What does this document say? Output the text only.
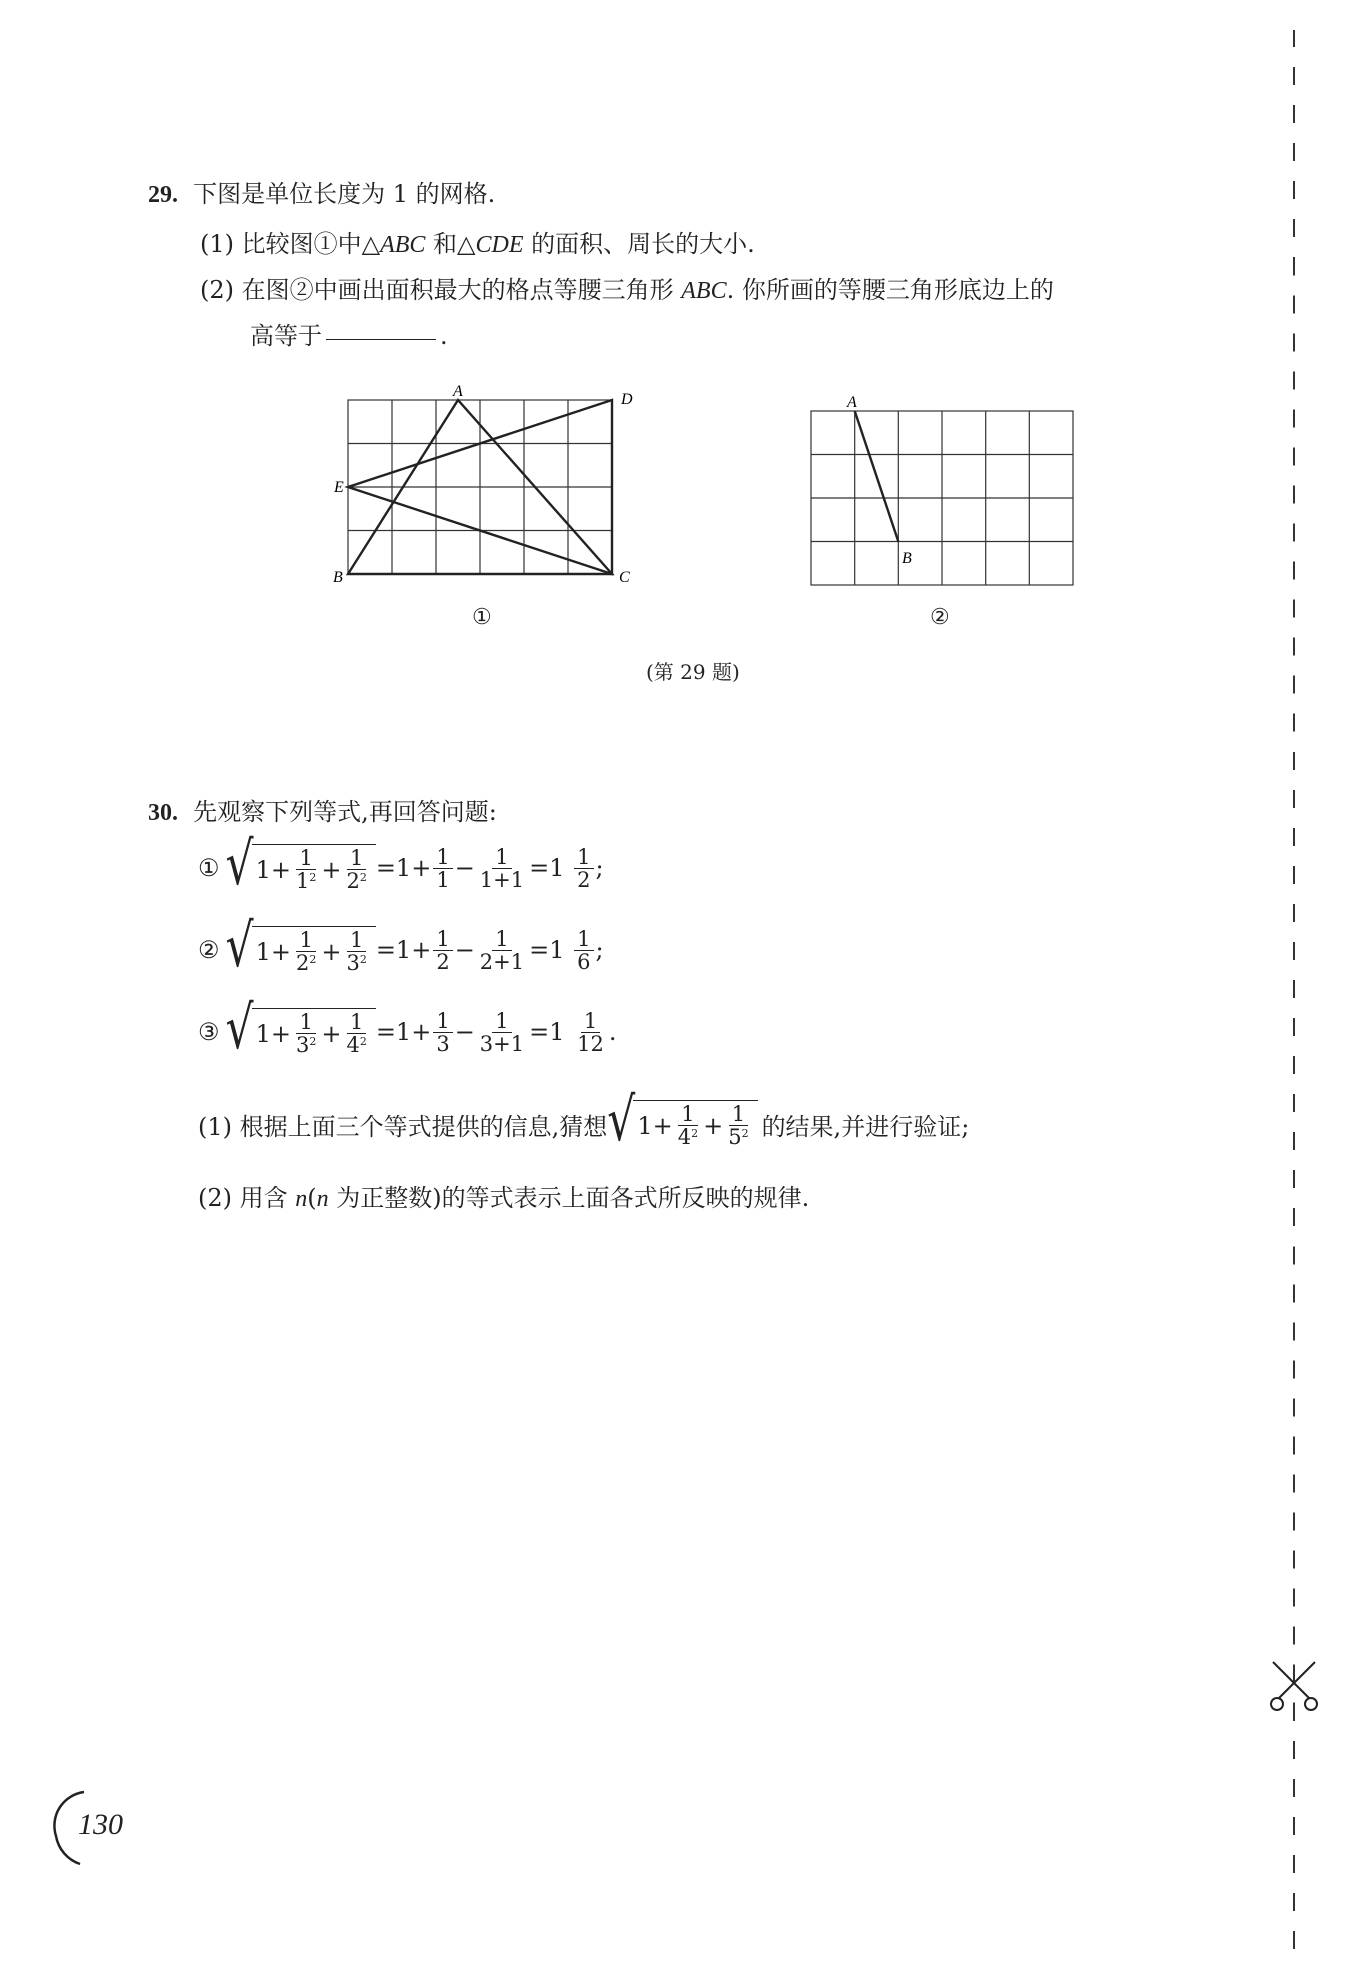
29. 下图是单位长度为 1 的网格.
(1) 比较图①中△ABC 和△CDE 的面积、周长的大小.
(2) 在图②中画出面积最大的格点等腰三角形 ABC. 你所画的等腰三角形底边上的
高等于	.
A	D
E
B	C
A
B
①	②
(第 29 题)
30. 先观察下列等式,再回答问题:
① √ $1+ \frac{1}{1^2} + \frac{1}{2^2} =1+ \frac{1}{1} - \frac{1}{1+1} = 1$
$\frac{1}{2}$ ;
② √ $1+ \frac{1}{2^2} + \frac{1}{3^2} =1+ \frac{1}{2} - \frac{1}{2+1} = 1$
$\frac{1}{6}$ ;
③ √ $1+ \frac{1}{3^2} + \frac{1}{4^2} =1+ \frac{1}{3} - \frac{1}{3+1} = 1$
$\frac{1}{12}$ .
(1) 根据上面三个等式提供的信息,猜想 √ $1+ \frac{1}{4^2} + \frac{1}{5^2}$ 的结果,并进行验证;
(2) 用含 n(n 为正整数)的等式表示上面各式所反映的规律.
130
